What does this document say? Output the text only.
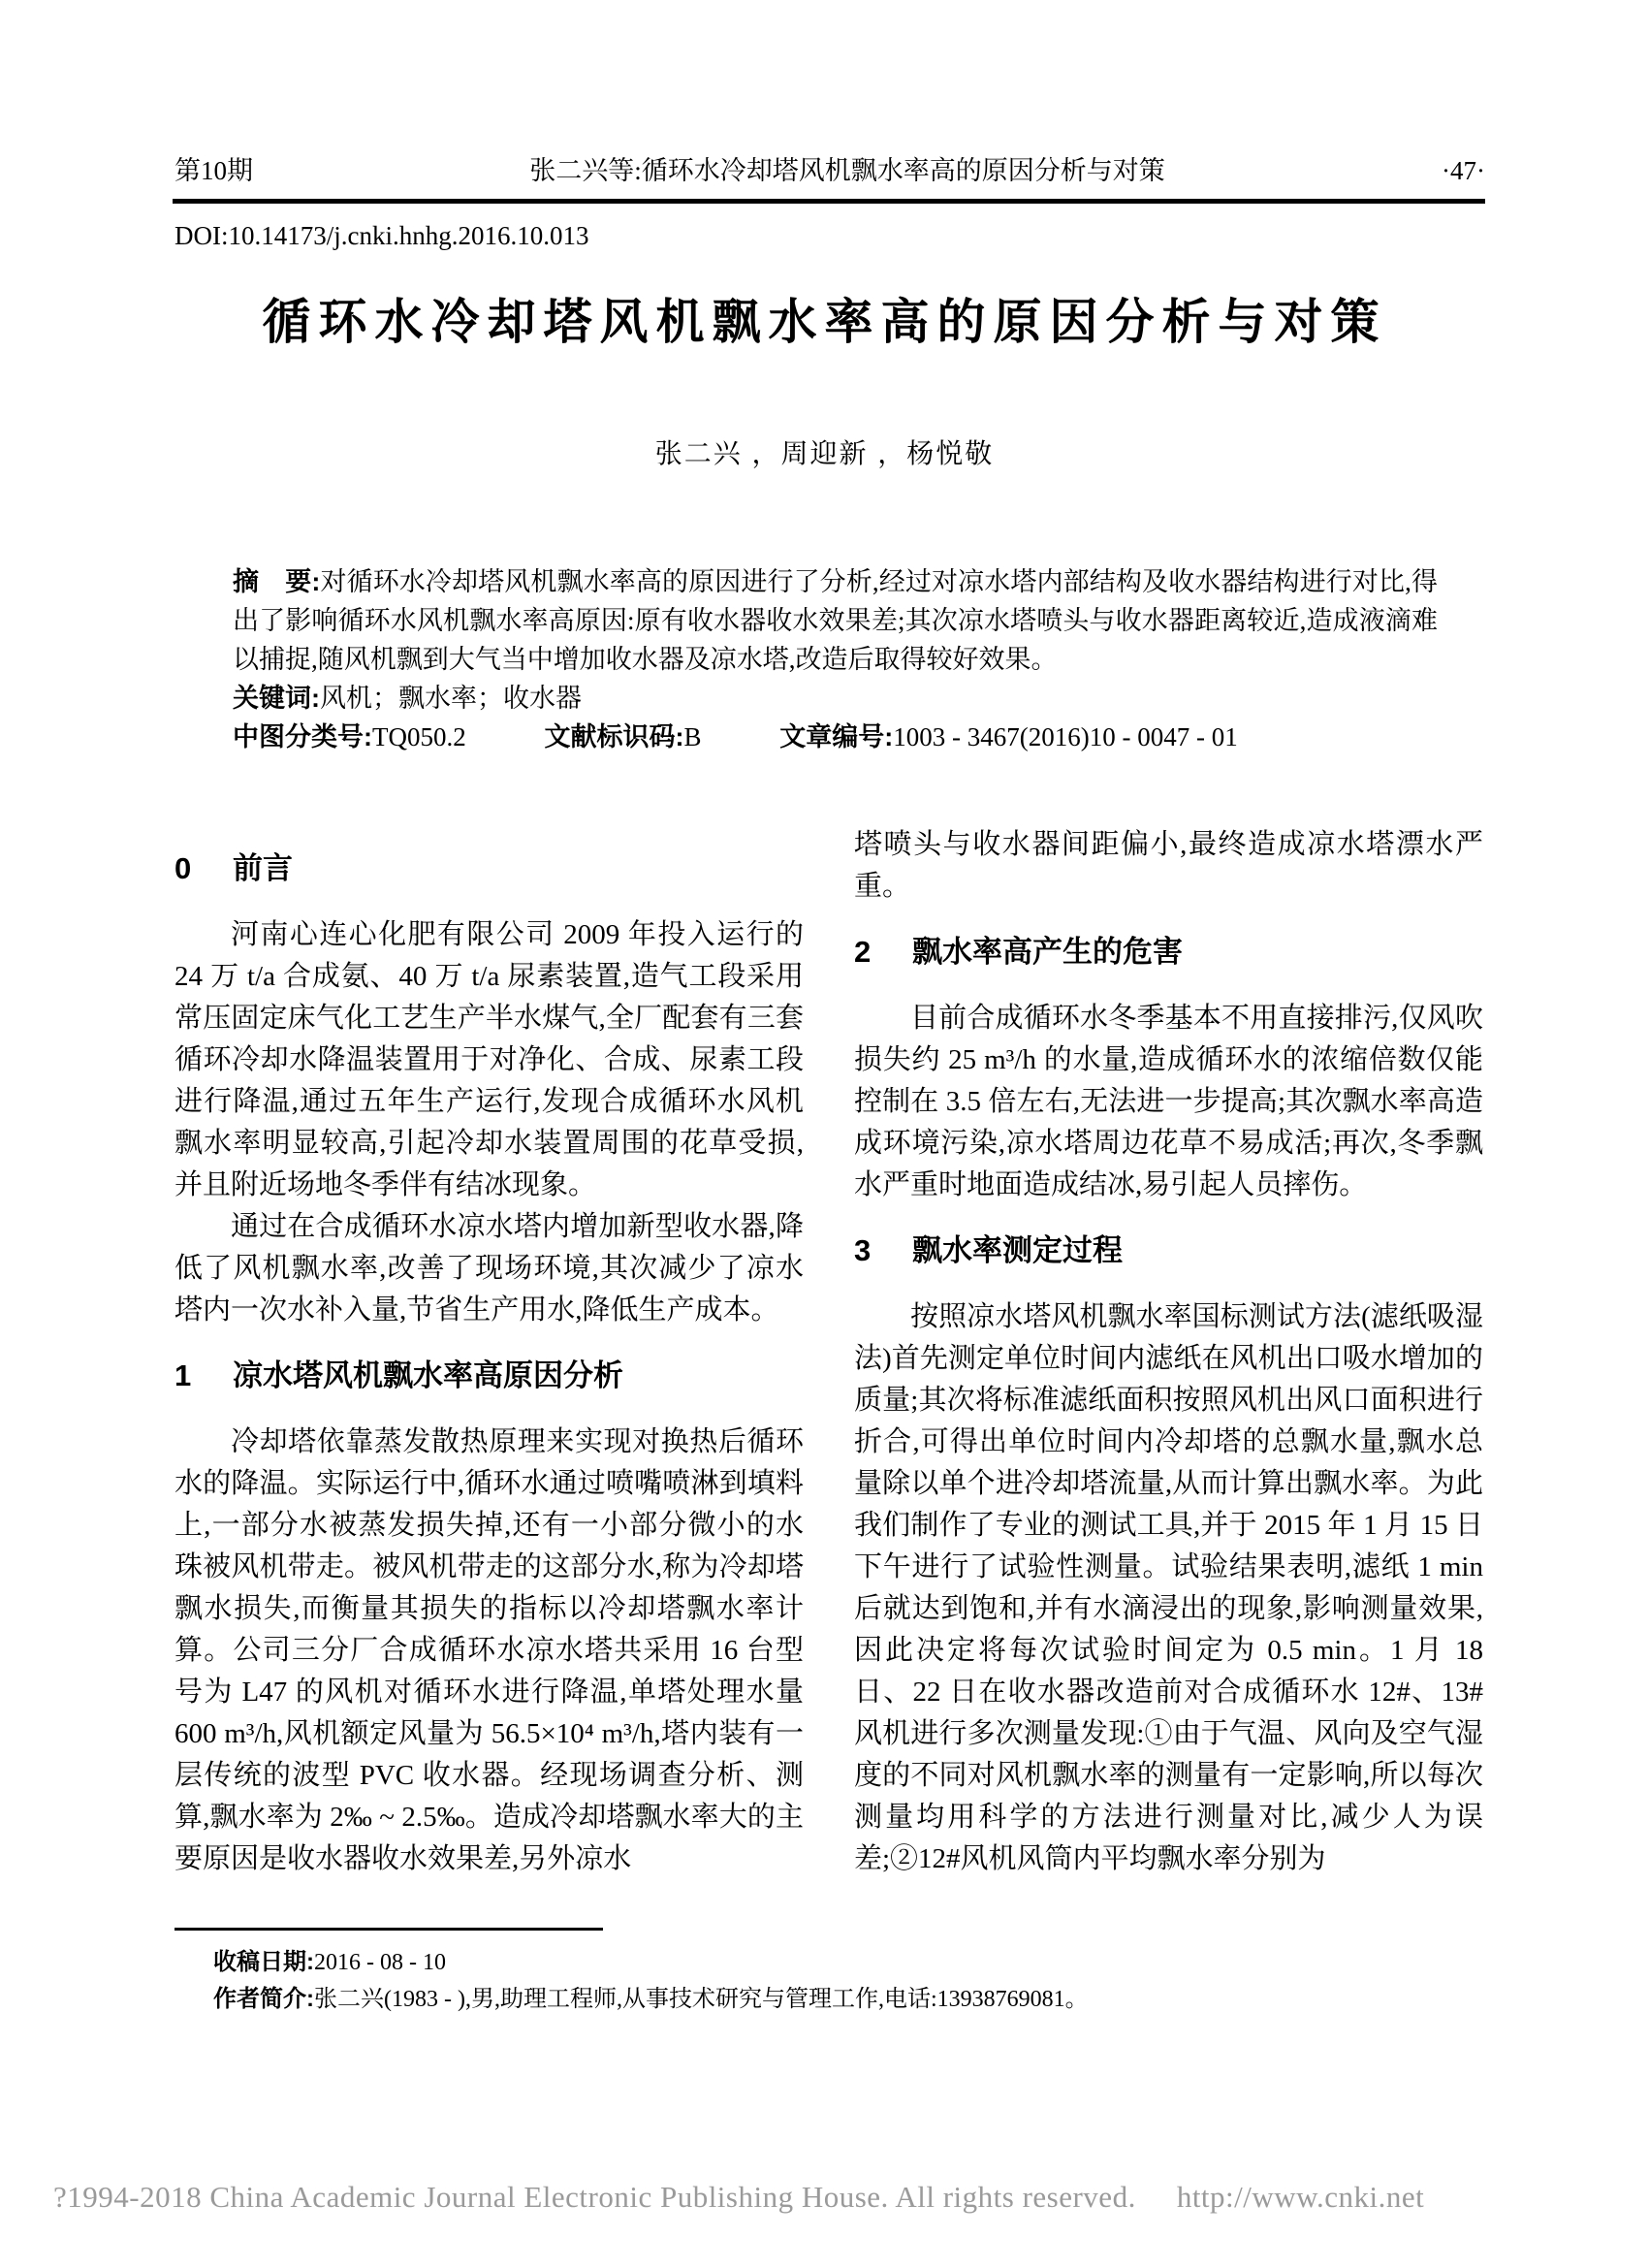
第10期	张二兴等:循环水冷却塔风机飘水率高的原因分析与对策	·47·
DOI:10.14173/j.cnki.hnhg.2016.10.013
循环水冷却塔风机飘水率高的原因分析与对策
张二兴 ，周迎新 ，杨悦敬

摘　要:对循环水冷却塔风机飘水率高的原因进行了分析,经过对凉水塔内部结构及收水器结构进行对比,得出了影响循环水风机飘水率高原因:原有收水器收水效果差;其次凉水塔喷头与收水器距离较近,造成液滴难以捕捉,随风机飘到大气当中增加收水器及凉水塔,改造后取得较好效果。

关键词:风机；飘水率；收水器

中图分类号:TQ050.2	文献标识码:B	文章编号:1003 - 3467(2016)10 - 0047 - 01

0 前言

河南心连心化肥有限公司 2009 年投入运行的 24 万 t/a 合成氨、40 万 t/a 尿素装置,造气工段采用常压固定床气化工艺生产半水煤气,全厂配套有三套循环冷却水降温装置用于对净化、合成、尿素工段进行降温,通过五年生产运行,发现合成循环水风机飘水率明显较高,引起冷却水装置周围的花草受损,并且附近场地冬季伴有结冰现象。

通过在合成循环水凉水塔内增加新型收水器,降低了风机飘水率,改善了现场环境,其次减少了凉水塔内一次水补入量,节省生产用水,降低生产成本。

1 凉水塔风机飘水率高原因分析

冷却塔依靠蒸发散热原理来实现对换热后循环水的降温。实际运行中,循环水通过喷嘴喷淋到填料上,一部分水被蒸发损失掉,还有一小部分微小的水珠被风机带走。被风机带走的这部分水,称为冷却塔飘水损失,而衡量其损失的指标以冷却塔飘水率计算。公司三分厂合成循环水凉水塔共采用 16 台型号为 L47 的风机对循环水进行降温,单塔处理水量 600 m³/h,风机额定风量为 56.5×10⁴ m³/h,塔内装有一层传统的波型 PVC 收水器。经现场调查分析、测算,飘水率为 2‰ ~ 2.5‰。造成冷却塔飘水率大的主要原因是收水器收水效果差,另外凉水

塔喷头与收水器间距偏小,最终造成凉水塔漂水严重。

2 飘水率高产生的危害

目前合成循环水冬季基本不用直接排污,仅风吹损失约 25 m³/h 的水量,造成循环水的浓缩倍数仅能控制在 3.5 倍左右,无法进一步提高;其次飘水率高造成环境污染,凉水塔周边花草不易成活;再次,冬季飘水严重时地面造成结冰,易引起人员摔伤。

3 飘水率测定过程

按照凉水塔风机飘水率国标测试方法(滤纸吸湿法)首先测定单位时间内滤纸在风机出口吸水增加的质量;其次将标准滤纸面积按照风机出风口面积进行折合,可得出单位时间内冷却塔的总飘水量,飘水总量除以单个进冷却塔流量,从而计算出飘水率。为此我们制作了专业的测试工具,并于 2015 年 1 月 15 日下午进行了试验性测量。试验结果表明,滤纸 1 min 后就达到饱和,并有水滴浸出的现象,影响测量效果,因此决定将每次试验时间定为 0.5 min。1 月 18 日、22 日在收水器改造前对合成循环水 12#、13#风机进行多次测量发现:①由于气温、风向及空气湿度的不同对风机飘水率的测量有一定影响,所以每次测量均用科学的方法进行测量对比,减少人为误差;②12#风机风筒内平均飘水率分别为

收稿日期:2016 - 08 - 10

作者简介:张二兴(1983 - ),男,助理工程师,从事技术研究与管理工作,电话:13938769081。

?1994-2018 China Academic Journal Electronic Publishing House. All rights reserved. http://www.cnki.net
